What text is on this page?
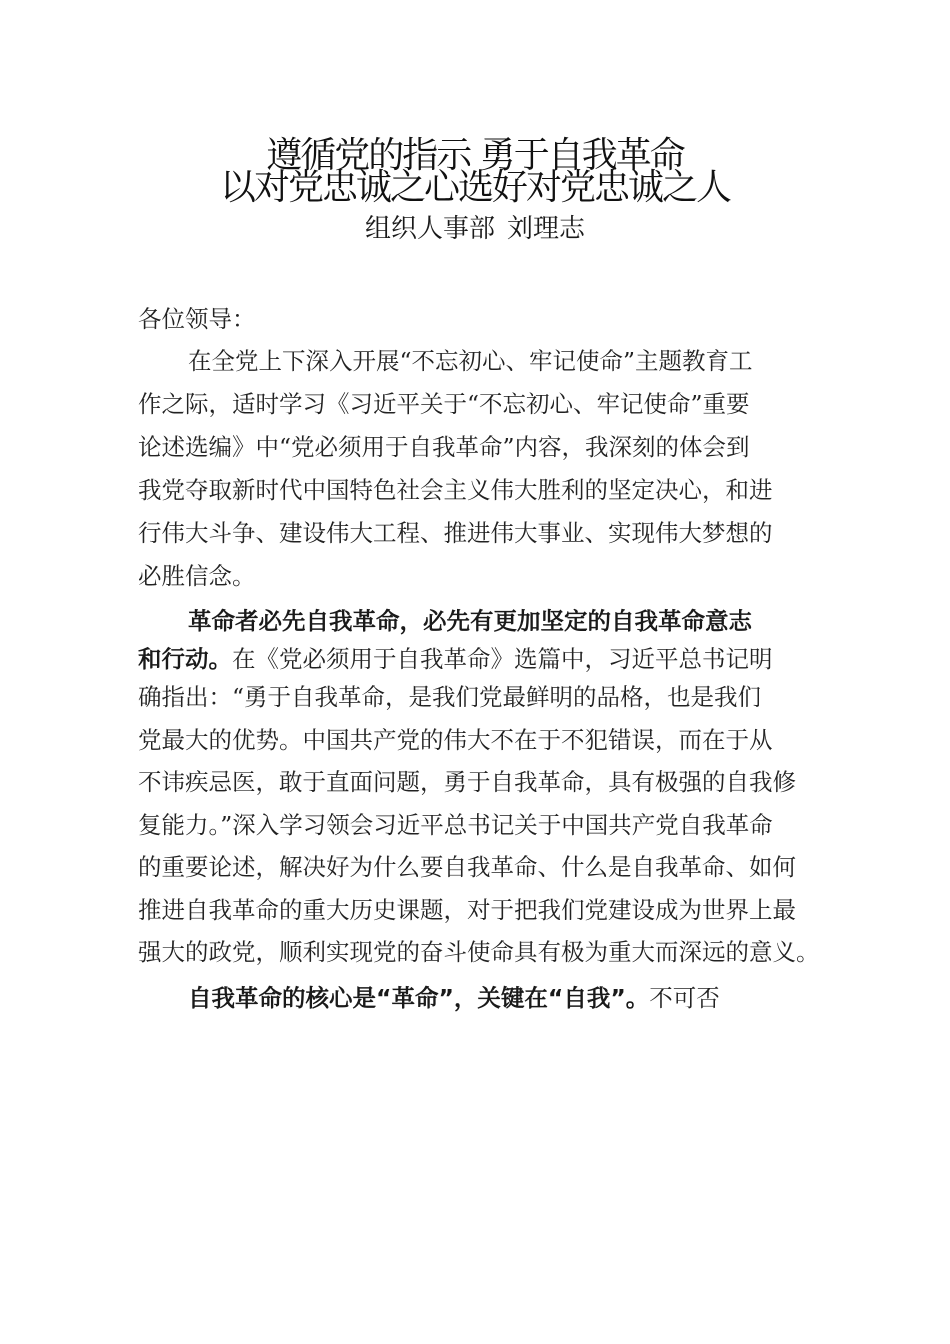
遵循党的指示 勇于自我革命
以对党忠诚之心选好对党忠诚之人
组织人事部 刘理志
各位领导：
在全党上下深入开展“不忘初心、牢记使命”主题教育工
作之际，适时学习《习近平关于“不忘初心、牢记使命”重要
论述选编》中“党必须用于自我革命”内容，我深刻的体会到
我党夺取新时代中国特色社会主义伟大胜利的坚定决心，和进
行伟大斗争、建设伟大工程、推进伟大事业、实现伟大梦想的
必胜信念。
革命者必先自我革命，必先有更加坚定的自我革命意志
和行动。在《党必须用于自我革命》选篇中，习近平总书记明
确指出：“勇于自我革命，是我们党最鲜明的品格，也是我们
党最大的优势。中国共产党的伟大不在于不犯错误，而在于从
不讳疾忌医，敢于直面问题，勇于自我革命，具有极强的自我修
复能力。”深入学习领会习近平总书记关于中国共产党自我革命
的重要论述，解决好为什么要自我革命、什么是自我革命、如何
推进自我革命的重大历史课题，对于把我们党建设成为世界上最
强大的政党，顺利实现党的奋斗使命具有极为重大而深远的意义。
自我革命的核心是“革命”，关键在“自我”。不可否
